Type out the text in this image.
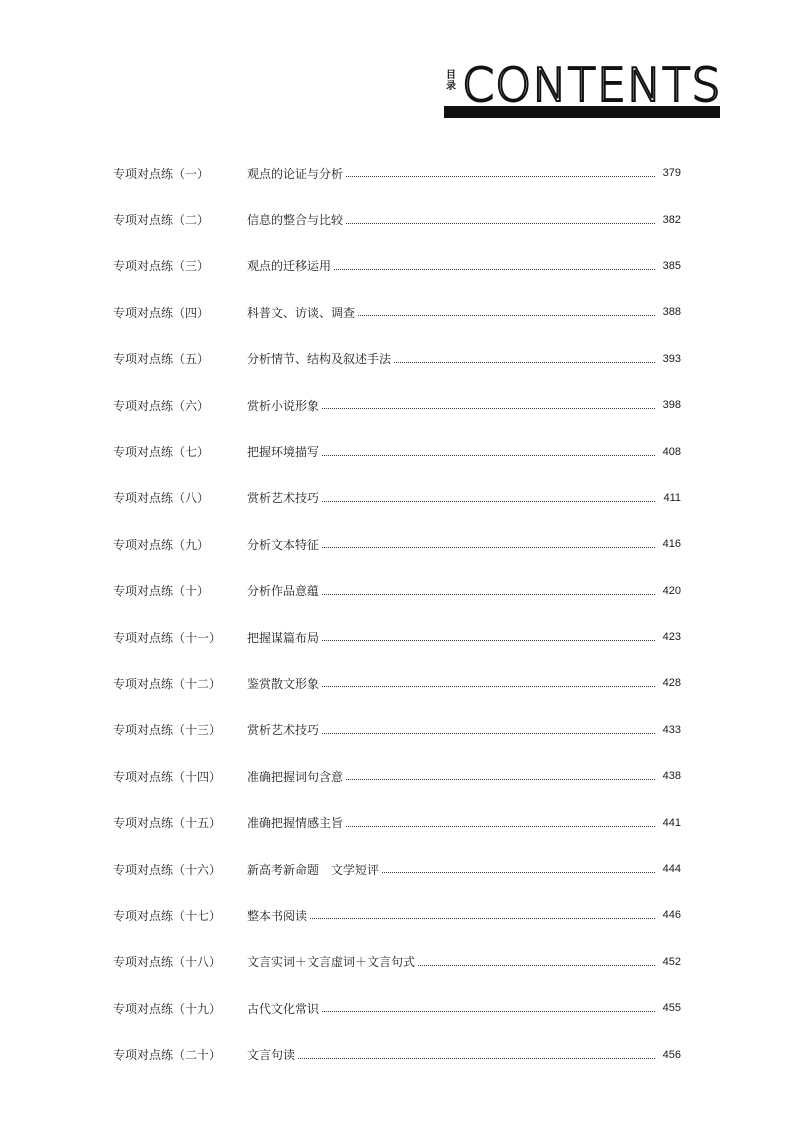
目录 CONTENTS
专项对点练（一）	观点的论证与分析	379
专项对点练（二）	信息的整合与比较	382
专项对点练（三）	观点的迁移运用	385
专项对点练（四）	科普文、访谈、调查	388
专项对点练（五）	分析情节、结构及叙述手法	393
专项对点练（六）	赏析小说形象	398
专项对点练（七）	把握环境描写	408
专项对点练（八）	赏析艺术技巧	411
专项对点练（九）	分析文本特征	416
专项对点练（十）	分析作品意蕴	420
专项对点练（十一）	把握谋篇布局	423
专项对点练（十二）	鉴赏散文形象	428
专项对点练（十三）	赏析艺术技巧	433
专项对点练（十四）	准确把握词句含意	438
专项对点练（十五）	准确把握情感主旨	441
专项对点练（十六）	新高考新命题　文学短评	444
专项对点练（十七）	整本书阅读	446
专项对点练（十八）	文言实词＋文言虚词＋文言句式	452
专项对点练（十九）	古代文化常识	455
专项对点练（二十）	文言句读	456
